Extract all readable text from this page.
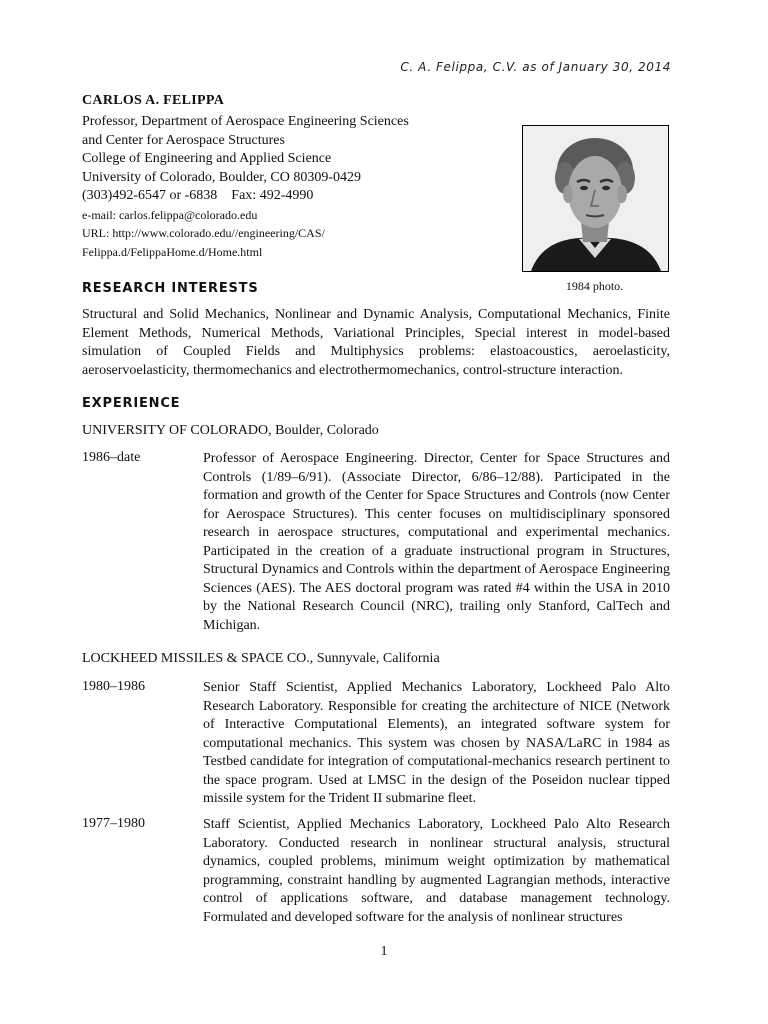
C. A. Felippa, C.V. as of January 30, 2014
CARLOS A. FELIPPA
Professor, Department of Aerospace Engineering Sciences
and Center for Aerospace Structures
College of Engineering and Applied Science
University of Colorado, Boulder, CO 80309-0429
(303)492-6547 or -6838    Fax: 492-4990
e-mail: carlos.felippa@colorado.edu
URL: http://www.colorado.edu//engineering/CAS/
Felippa.d/FelippaHome.d/Home.html
1984 photo.
RESEARCH INTERESTS
Structural and Solid Mechanics, Nonlinear and Dynamic Analysis, Computational Mechanics, Finite Element Methods, Numerical Methods, Variational Principles, Special interest in model-based simulation of Coupled Fields and Multiphysics problems: elastoacoustics, aeroelasticity, aeroservoelasticity, thermomechanics and electrothermomechanics, control-structure interaction.
EXPERIENCE
UNIVERSITY OF COLORADO, Boulder, Colorado
1986–date	Professor of Aerospace Engineering. Director, Center for Space Structures and Controls (1/89–6/91). (Associate Director, 6/86–12/88). Participated in the formation and growth of the Center for Space Structures and Controls (now Center for Aerospace Structures). This center focuses on multidisciplinary sponsored research in aerospace structures, computational and experimental mechanics. Participated in the creation of a graduate instructional program in Structures, Structural Dynamics and Controls within the department of Aerospace Engineering Sciences (AES). The AES doctoral program was rated #4 within the USA in 2010 by the National Research Council (NRC), trailing only Stanford, CalTech and Michigan.
LOCKHEED MISSILES & SPACE CO., Sunnyvale, California
1980–1986	Senior Staff Scientist, Applied Mechanics Laboratory, Lockheed Palo Alto Research Laboratory. Responsible for creating the architecture of NICE (Network of Interactive Computational Elements), an integrated software system for computational mechanics. This system was chosen by NASA/LaRC in 1984 as Testbed candidate for integration of computational-mechanics research pertinent to the space program. Used at LMSC in the design of the Poseidon nuclear tipped missile system for the Trident II submarine fleet.
1977–1980	Staff Scientist, Applied Mechanics Laboratory, Lockheed Palo Alto Research Laboratory. Conducted research in nonlinear structural analysis, structural dynamics, coupled problems, minimum weight optimization by mathematical programming, constraint handling by augmented Lagrangian methods, interactive control of applications software, and database management technology. Formulated and developed software for the analysis of nonlinear structures
1
